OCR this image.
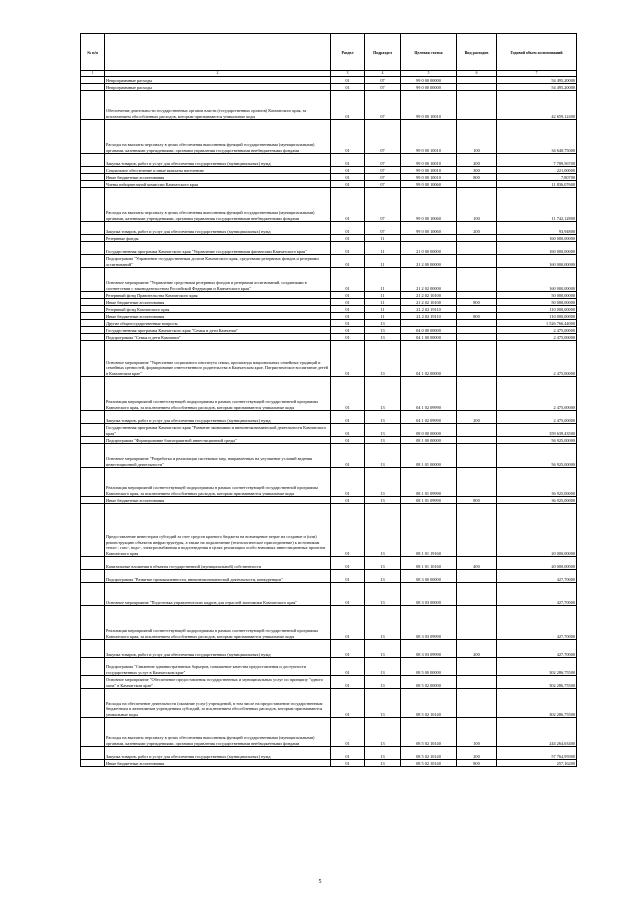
№ п/п		Раздел	Подраздел	Целевая статья	Вид расходов	Годовой объем ассигнований
1	2	3	4	5	6	7
	Непрограммные расходы	01	07	99 0 00 00000		54 495,20000
	Непрограммные расходы	01	07	99 0 00 00000		54 495,20000
	Обеспечение деятельности государственных органов власти (государственных органов) Камчатского края, за исключением обособленных расходов, которым присваиваются уникальные коды	01	07	99 0 00 10010		42 659,12400
	Расходы на выплаты персоналу в целях обеспечения выполнения функций государственными (муниципальными) органами, казенными учреждениями, органами управления государственными внебюджетными фондами	01	07	99 0 00 10010	100	34 640,75000
	Закупка товаров, работ и услуг для обеспечения государственных (муниципальных) нужд	01	07	99 0 00 10010	200	7 789,56700
	Социальное обеспечение и иные выплаты населению	01	07	99 0 00 10010	300	221,00000
	Иные бюджетные ассигнования	01	07	99 0 00 10010	800	7,80700
	Члены избирательной комиссии Камчатского края	01	07	99 0 00 10060		11 836,07600
	Расходы на выплаты персоналу в целях обеспечения выполнения функций государственными (муниципальными) органами, казенными учреждениями, органами управления государственными внебюджетными фондами	01	07	99 0 00 10060	100	11 742,12800
	Закупка товаров, работ и услуг для обеспечения государственных (муниципальных) нужд	01	07	99 0 00 10060	200	93,94800
	Резервные фонды	01	11			160 000,00000
	Государственная программа Камчатского края "Управление государственными финансами Камчатского края"	01	11	21 0 00 00000		160 000,00000
	Подпрограмма "Управление государственным долгом Камчатского края, средствами резервных фондов и резервами ассигнований"	01	11	21 2 00 00000		160 000,00000
	Основное мероприятие "Управление средствами резервных фондов и резервами ассигнований, созданными в соответствии с законодательством Российской Федерации и Камчатского края"	01	11	21 2 02 00000		160 000,00000
	Резервный фонд Правительства Камчатского края	01	11	21 2 02 10100		50 000,00000
	Иные бюджетные ассигнования	01	11	21 2 02 10100	800	50 000,00000
	Резервный фонд Камчатского края	01	11	21 2 02 19110		110 000,00000
	Иные бюджетные ассигнования	01	11	21 2 02 19110	800	110 000,00000
	Другие общегосударственные вопросы	01	13			1 526 766,44000
	Государственная программа Камчатского края "Семья и дети Камчатки"	01	13	04 0 00 00000		2 475,00000
	Подпрограмма "Семья и дети Камчатки"	01	13	04 1 00 00000		2 475,00000
	Основное мероприятие "Укрепление социального института семьи, пропаганда национальных семейных традиций и семейных ценностей, формирование ответственного родительства в Камчатском крае. Патриотическое воспитание детей в Камчатском крае"	01	13	04 1 02 00000		2 475,00000
	Реализация мероприятий соответствующей подпрограммы в рамках соответствующей государственной программы Камчатского края, за исключением обособленных расходов, которым присваиваются уникальные коды	01	13	04 1 02 09990		2 475,00000
	Закупка товаров, работ и услуг для обеспечения государственных (муниципальных) нужд	01	13	04 1 02 09990	200	2 475,00000
	Государственная программа Камчатского края "Развитие экономики и внешнеэкономической деятельности Камчатского края"	01	13	08 0 00 00000		359 639,43500
	Подпрограмма "Формирование благоприятной инвестиционной среды"	01	13	08 1 00 00000		56 925,00000
	Основное мероприятие "Разработка и реализация системных мер, направленных на улучшение условий ведения инвестиционной деятельности"	01	13	08 1 01 00000		56 925,00000
	Реализация мероприятий соответствующей подпрограммы в рамках соответствующей государственной программы Камчатского края, за исключением обособленных расходов, которым присваиваются уникальные коды	01	13	08 1 01 09990		36 925,00000
	Иные бюджетные ассигнования	01	13	08 1 01 09990	800	36 925,00000
	Предоставление инвесторам субсидий за счет средств краевого бюджета на возмещение затрат на создание и (или) реконструкцию объектов инфраструктуры, а также на подключение (технологическое присоединение) к источникам тепло-, газо-, водо-, электроснабжения и водоотведения в целях реализации особо значимых инвестиционных проектов Камчатского края	01	13	08 1 01 19160		20 000,00000
	Капитальные вложения в объекты государственной (муниципальной) собственности	01	13	08 1 01 10160	400	20 000,00000
	Подпрограмма "Развитие промышленности, внешнеэкономической деятельности, конкуренции"	01	13	08 3 00 00000		427,70000
	Основное мероприятие "Подготовка управленческих кадров для отраслей экономики Камчатского края"	01	13	08 3 03 00000		427,70000
	Реализация мероприятий соответствующей подпрограммы в рамках соответствующей государственной программы Камчатского края, за исключением обособленных расходов, которым присваиваются уникальные коды	01	13	08 3 03 09990		427,70000
	Закупка товаров, работ и услуг для обеспечения государственных (муниципальных) нужд	01	13	08 3 03 09990	200	427,70000
	Подпрограмма "Снижение административных барьеров, повышение качества предоставления и доступности государственных услуг в Камчатском крае"	01	13	08 5 00 00000		302 286,75500
	Основное мероприятие "Обеспечение предоставления государственных и муниципальных услуг по принципу "одного окна" в Камчатском крае"	01	13	08 5 02 00000		302 286,75500
	Расходы на обеспечение деятельности (оказание услуг) учреждений, в том числе на предоставление государственным бюджетным и автономным учреждениям субсидий, за исключением обособленных расходов, которым присваиваются уникальные коды	01	13	08 5 02 10140		302 286,75500
	Расходы на выплаты персоналу в целях обеспечения выполнения функций государственными (муниципальными) органами, казенными учреждениями, органами управления государственными внебюджетными фондами	01	13	08 5 02 10140	100	244 264,63400
	Закупка товаров, работ и услуг для обеспечения государственных (муниципальных) нужд	01	13	08 5 02 10140	200	57 764,95900
	Иные бюджетные ассигнования	01	13	08 5 02 10140	800	257,16200
5
